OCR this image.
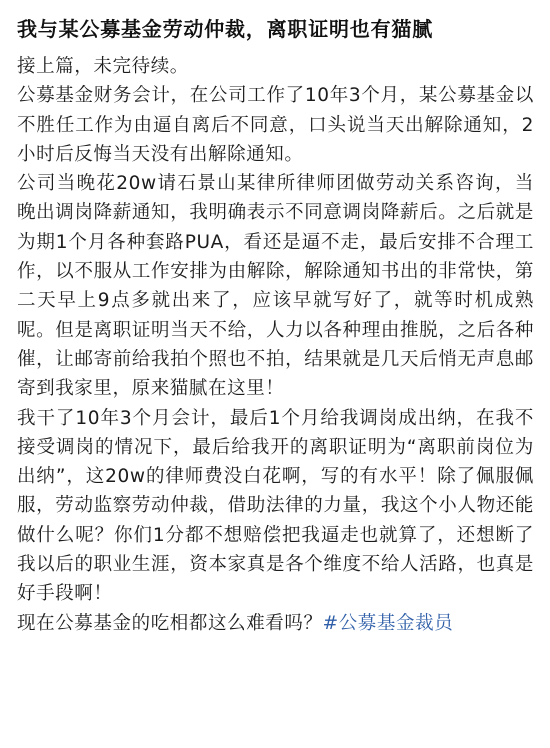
我与某公募基金劳动仲裁，离职证明也有猫腻

接上篇，未完待续。

公募基金财务会计，在公司工作了10年3个月，某公募基金以不胜任工作为由逼自离后不同意，口头说当天出解除通知，2小时后反悔当天没有出解除通知。

公司当晚花20w请石景山某律所律师团做劳动关系咨询，当晚出调岗降薪通知，我明确表示不同意调岗降薪后。之后就是为期1个月各种套路PUA，看还是逼不走，最后安排不合理工作，以不服从工作安排为由解除，解除通知书出的非常快，第二天早上9点多就出来了，应该早就写好了，就等时机成熟呢。但是离职证明当天不给，人力以各种理由推脱，之后各种催，让邮寄前给我拍个照也不拍，结果就是几天后悄无声息邮寄到我家里，原来猫腻在这里！

我干了10年3个月会计，最后1个月给我调岗成出纳，在我不接受调岗的情况下，最后给我开的离职证明为“离职前岗位为出纳”，这20w的律师费没白花啊，写的有水平！除了佩服佩服，劳动监察劳动仲裁，借助法律的力量，我这个小人物还能做什么呢？你们1分都不想赔偿把我逼走也就算了，还想断了我以后的职业生涯，资本家真是各个维度不给人活路，也真是好手段啊！

现在公募基金的吃相都这么难看吗？#公募基金裁员
